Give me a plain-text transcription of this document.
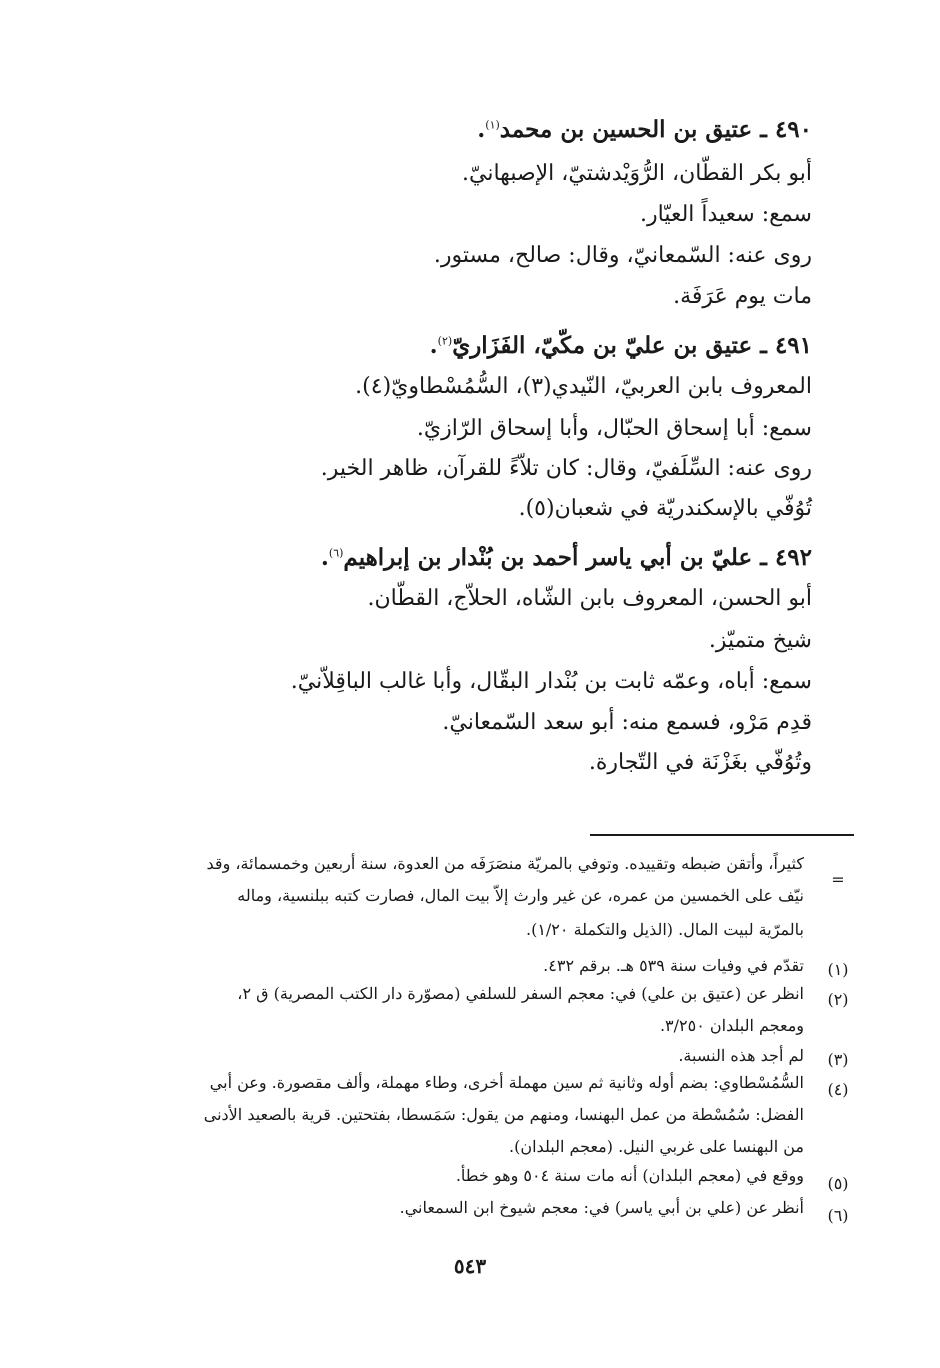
٤٩٠ ـ عتيق بن الحسين بن محمد$^{(١)}$.
أبو بكر القطّان، الرُّوَيْدشتيّ، الإصبهانيّ.
سمع: سعيداً العيّار.
روى عنه: السّمعانيّ، وقال: صالح، مستور.
مات يوم عَرَفَة.
٤٩١ ـ عتيق بن عليّ بن مكّيّ، الفَزَاريّ$^{(٢)}$.
المعروف بابن العربيّ، النّيدي(٣)، السُّمُسْطاويّ(٤).
سمع: أبا إسحاق الحبّال، وأبا إسحاق الرّازيّ.
روى عنه: السِّلَفيّ، وقال: كان تلاّءً للقرآن، ظاهر الخير.
تُوُفّي بالإسكندريّة في شعبان(٥).
٤٩٢ ـ عليّ بن أبي ياسر أحمد بن بُنْدار بن إبراهيم$^{(٦)}$.
أبو الحسن، المعروف بابن الشّاه، الحلاّج، القطّان.
شيخ متميّز.
سمع: أباه، وعمّه ثابت بن بُنْدار البقّال، وأبا غالب الباقِلاّنيّ.
قدِم مَرْو، فسمع منه: أبو سعد السّمعانيّ.
وتُوُفّي بغَزْنَة في التّجارة.
=
كثيراً، وأتقن ضبطه وتقييده. وتوفي بالمريّة منصَرَفَه من العدوة، سنة أربعين وخمسمائة، وقد
نيّف على الخمسين من عمره، عن غير وارث إلاّ بيت المال، فصارت كتبه ببلنسية، وماله
بالمرّية لبيت المال. (الذيل والتكملة ١/٢٠).
(١)
تقدّم في وفيات سنة ٥٣٩ هـ. برقم ٤٣٢.
(٢)
انظر عن (عتيق بن علي) في: معجم السفر للسلفي (مصوّرة دار الكتب المصرية) ق ٢،
ومعجم البلدان ٣/٢٥٠.
(٣)
لم أجد هذه النسبة.
(٤)
السُّمُسْطاوي: بضم أوله وثانية ثم سين مهملة أخرى، وطاء مهملة، وألف مقصورة. وعن أبي
الفضل: سُمُسْطة من عمل البهنسا، ومنهم من يقول: سَمَسطا، بفتحتين. قرية بالصعيد الأدنى
من البهنسا على غربي النيل. (معجم البلدان).
(٥)
ووقع في (معجم البلدان) أنه مات سنة ٥٠٤ وهو خطأ.
(٦)
أنظر عن (علي بن أبي ياسر) في: معجم شيوخ ابن السمعاني.
٥٤٣
